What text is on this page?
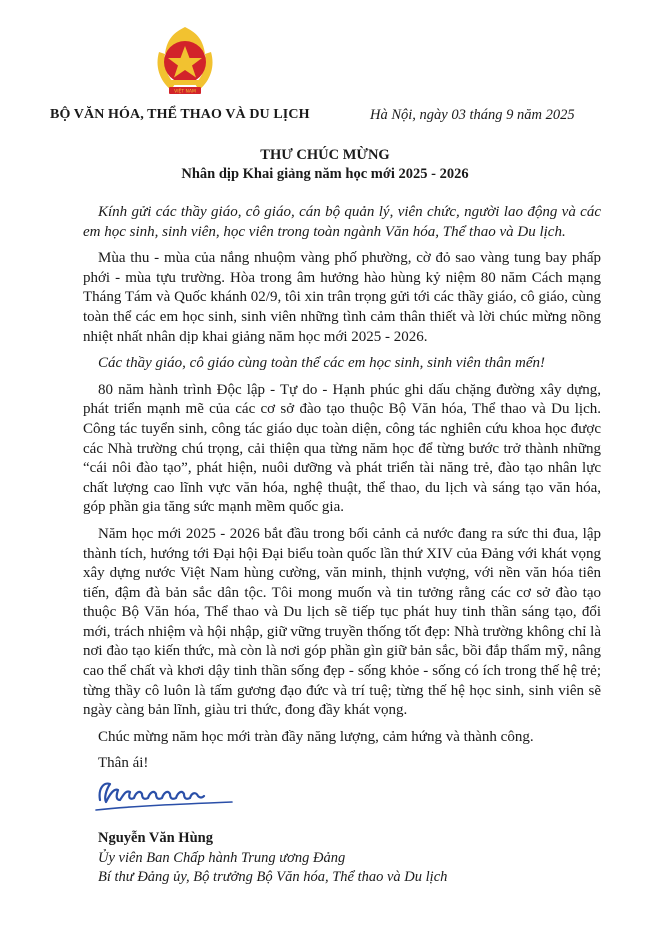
VIỆT NAM
BỘ VĂN HÓA, THỂ THAO VÀ DU LỊCH	Hà Nội, ngày 03 tháng 9 năm 2025
THƯ CHÚC MỪNG
Nhân dịp Khai giảng năm học mới 2025 - 2026

Kính gửi các thầy giáo, cô giáo, cán bộ quản lý, viên chức, người lao động và các em học sinh, sinh viên, học viên trong toàn ngành Văn hóa, Thể thao và Du lịch.

Mùa thu - mùa của nắng nhuộm vàng phố phường, cờ đỏ sao vàng tung bay phấp phới - mùa tựu trường. Hòa trong âm hưởng hào hùng kỷ niệm 80 năm Cách mạng Tháng Tám và Quốc khánh 02/9, tôi xin trân trọng gửi tới các thầy giáo, cô giáo, cùng toàn thể các em học sinh, sinh viên những tình cảm thân thiết và lời chúc mừng nồng nhiệt nhất nhân dịp khai giảng năm học mới 2025 - 2026.

Các thầy giáo, cô giáo cùng toàn thể các em học sinh, sinh viên thân mến!

80 năm hành trình Độc lập - Tự do - Hạnh phúc ghi dấu chặng đường xây dựng, phát triển mạnh mẽ của các cơ sở đào tạo thuộc Bộ Văn hóa, Thể thao và Du lịch. Công tác tuyển sinh, công tác giáo dục toàn diện, công tác nghiên cứu khoa học được các Nhà trường chú trọng, cải thiện qua từng năm học để từng bước trở thành những “cái nôi đào tạo”, phát hiện, nuôi dưỡng và phát triển tài năng trẻ, đào tạo nhân lực chất lượng cao lĩnh vực văn hóa, nghệ thuật, thể thao, du lịch và sáng tạo văn hóa, góp phần gia tăng sức mạnh mềm quốc gia.

Năm học mới 2025 - 2026 bắt đầu trong bối cảnh cả nước đang ra sức thi đua, lập thành tích, hướng tới Đại hội Đại biểu toàn quốc lần thứ XIV của Đảng với khát vọng xây dựng nước Việt Nam hùng cường, văn minh, thịnh vượng, với nền văn hóa tiên tiến, đậm đà bản sắc dân tộc. Tôi mong muốn và tin tưởng rằng các cơ sở đào tạo thuộc Bộ Văn hóa, Thể thao và Du lịch sẽ tiếp tục phát huy tinh thần sáng tạo, đổi mới, trách nhiệm và hội nhập, giữ vững truyền thống tốt đẹp: Nhà trường không chỉ là nơi đào tạo kiến thức, mà còn là nơi góp phần gìn giữ bản sắc, bồi đắp thẩm mỹ, nâng cao thể chất và khơi dậy tinh thần sống đẹp - sống khỏe - sống có ích trong thế hệ trẻ; từng thầy cô luôn là tấm gương đạo đức và trí tuệ; từng thế hệ học sinh, sinh viên sẽ ngày càng bản lĩnh, giàu tri thức, đong đầy khát vọng.

Chúc mừng năm học mới tràn đầy năng lượng, cảm hứng và thành công.

Thân ái!

Nguyễn Văn Hùng
Ủy viên Ban Chấp hành Trung ương Đảng
Bí thư Đảng ủy, Bộ trưởng Bộ Văn hóa, Thể thao và Du lịch
